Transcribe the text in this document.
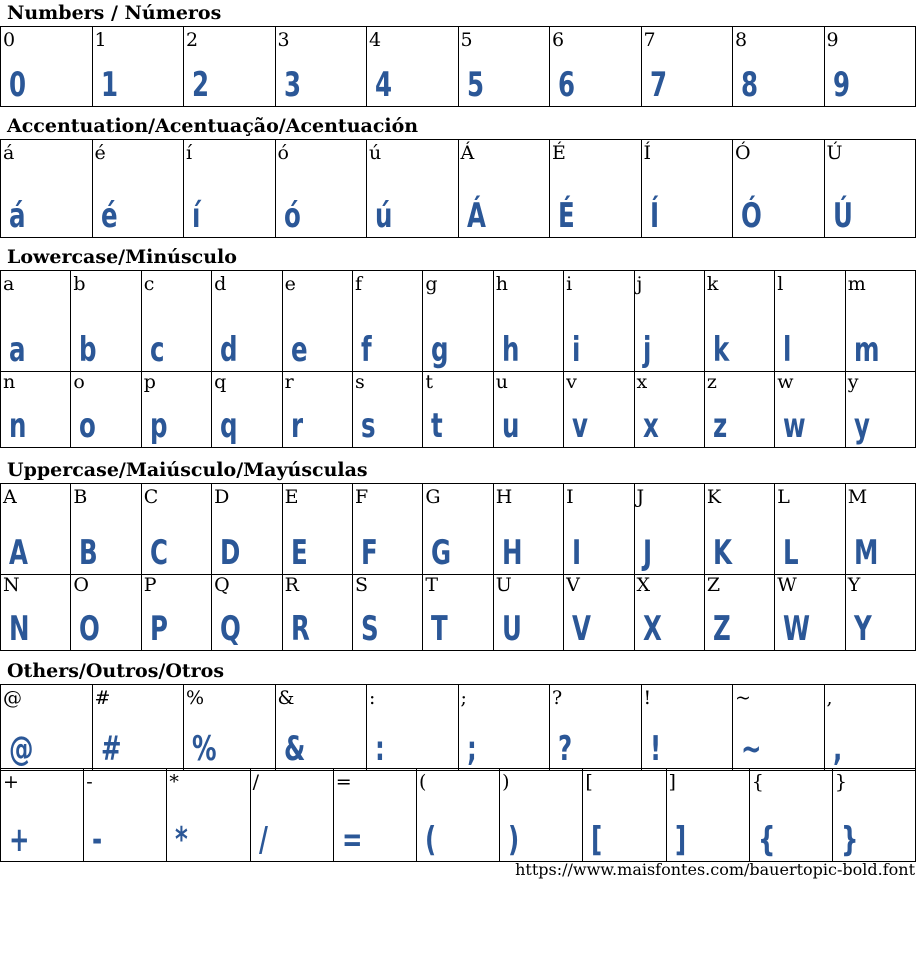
Numbers / Números
0
0
1
1
2
2
3
3
4
4
5
5
6
6
7
7
8
8
9
9
Accentuation/Acentuação/Acentuación
á
á
é
é
í
í
ó
ó
ú
ú
Á
Á
É
É
Í
Í
Ó
Ó
Ú
Ú
Lowercase/Minúsculo
a
a
b
b
c
c
d
d
e
e
f
f
g
g
h
h
i
i
j
j
k
k
l
l
m
m
n
n
o
o
p
p
q
q
r
r
s
s
t
t
u
u
v
v
x
x
z
z
w
w
y
y
Uppercase/Maiúsculo/Mayúsculas
A
A
B
B
C
C
D
D
E
E
F
F
G
G
H
H
I
I
J
J
K
K
L
L
M
M
N
N
O
O
P
P
Q
Q
R
R
S
S
T
T
U
U
V
V
X
X
Z
Z
W
W
Y
Y
Others/Outros/Otros
@
@
#
#
%
%
&
&
:
:
;
;
?
?
!
!
~
~
,
,
+
+
-
-
*
*
/
/
=
=
(
(
)
)
[
[
]
]
{
{
}
}
https://www.maisfontes.com/bauertopic-bold.font
